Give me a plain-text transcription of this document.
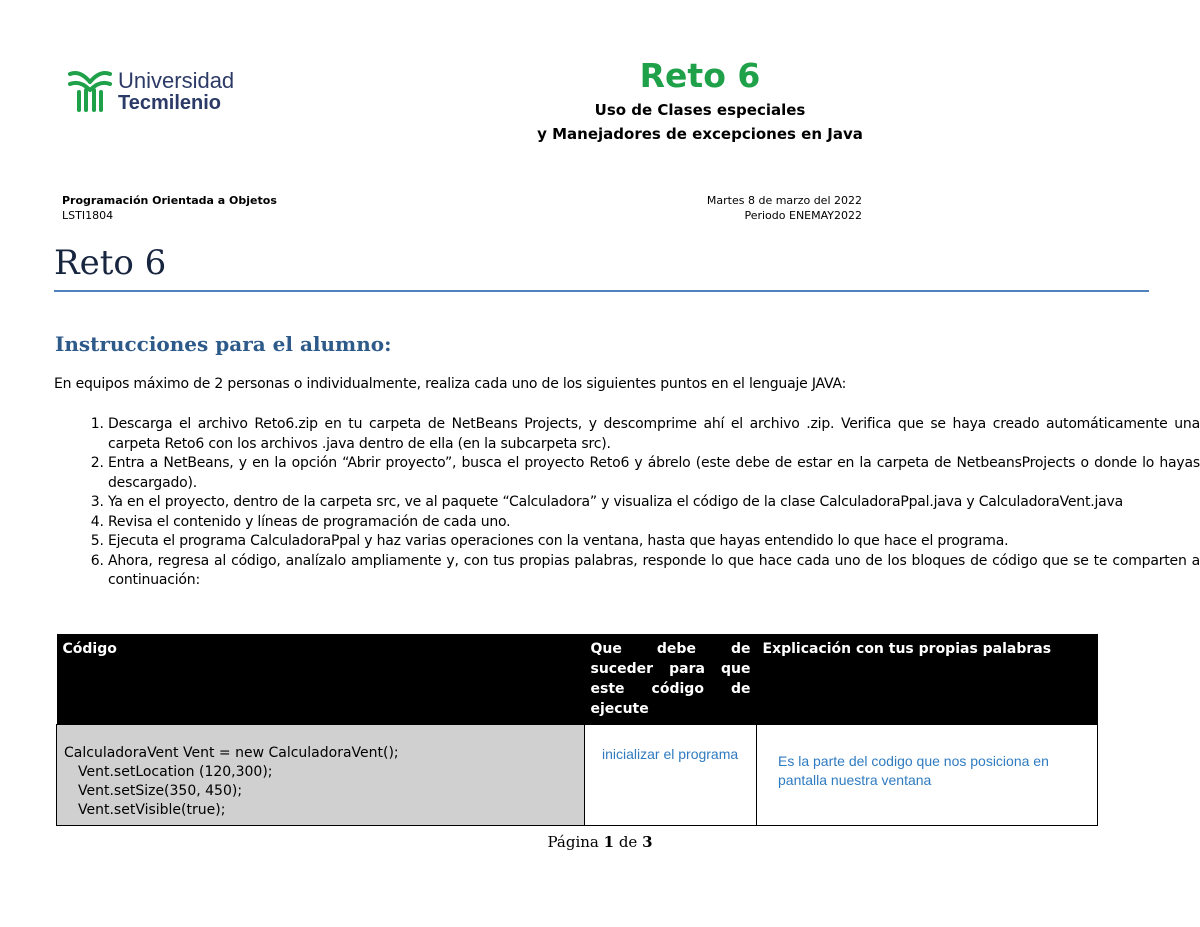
Universidad
Tecmilenio
Reto 6
Uso de Clases especiales
y Manejadores de excepciones en Java
Programación Orientada a Objetos
LSTI1804
Martes 8 de marzo del 2022
Periodo ENEMAY2022
Reto 6
Instrucciones para el alumno:
En equipos máximo de 2 personas o individualmente, realiza cada uno de los siguientes puntos en el lenguaje JAVA:
1. Descarga el archivo Reto6.zip en tu carpeta de NetBeans Projects, y descomprime ahí el archivo .zip. Verifica que se haya creado automáticamente una carpeta Reto6 con los archivos .java dentro de ella (en la subcarpeta src).
2. Entra a NetBeans, y en la opción “Abrir proyecto”, busca el proyecto Reto6 y ábrelo (este debe de estar en la carpeta de NetbeansProjects o donde lo hayas descargado).
3. Ya en el proyecto, dentro de la carpeta src, ve al paquete “Calculadora” y visualiza el código de la clase CalculadoraPpal.java y CalculadoraVent.java
4. Revisa el contenido y líneas de programación de cada uno.
5. Ejecuta el programa CalculadoraPpal y haz varias operaciones con la ventana, hasta que hayas entendido lo que hace el programa.
6. Ahora, regresa al código, analízalo ampliamente y, con tus propias palabras, responde lo que hace cada uno de los bloques de código que se te comparten a continuación:
Código	Que debe de suceder para que este código de ejecute	Explicación con tus propias palabras

CalculadoraVent Vent = new CalculadoraVent();
Vent.setLocation (120,300);
Vent.setSize(350, 450);
Vent.setVisible(true);	inicializar el programa	Es la parte del codigo que nos posiciona en pantalla nuestra ventana
Página 1 de 3
